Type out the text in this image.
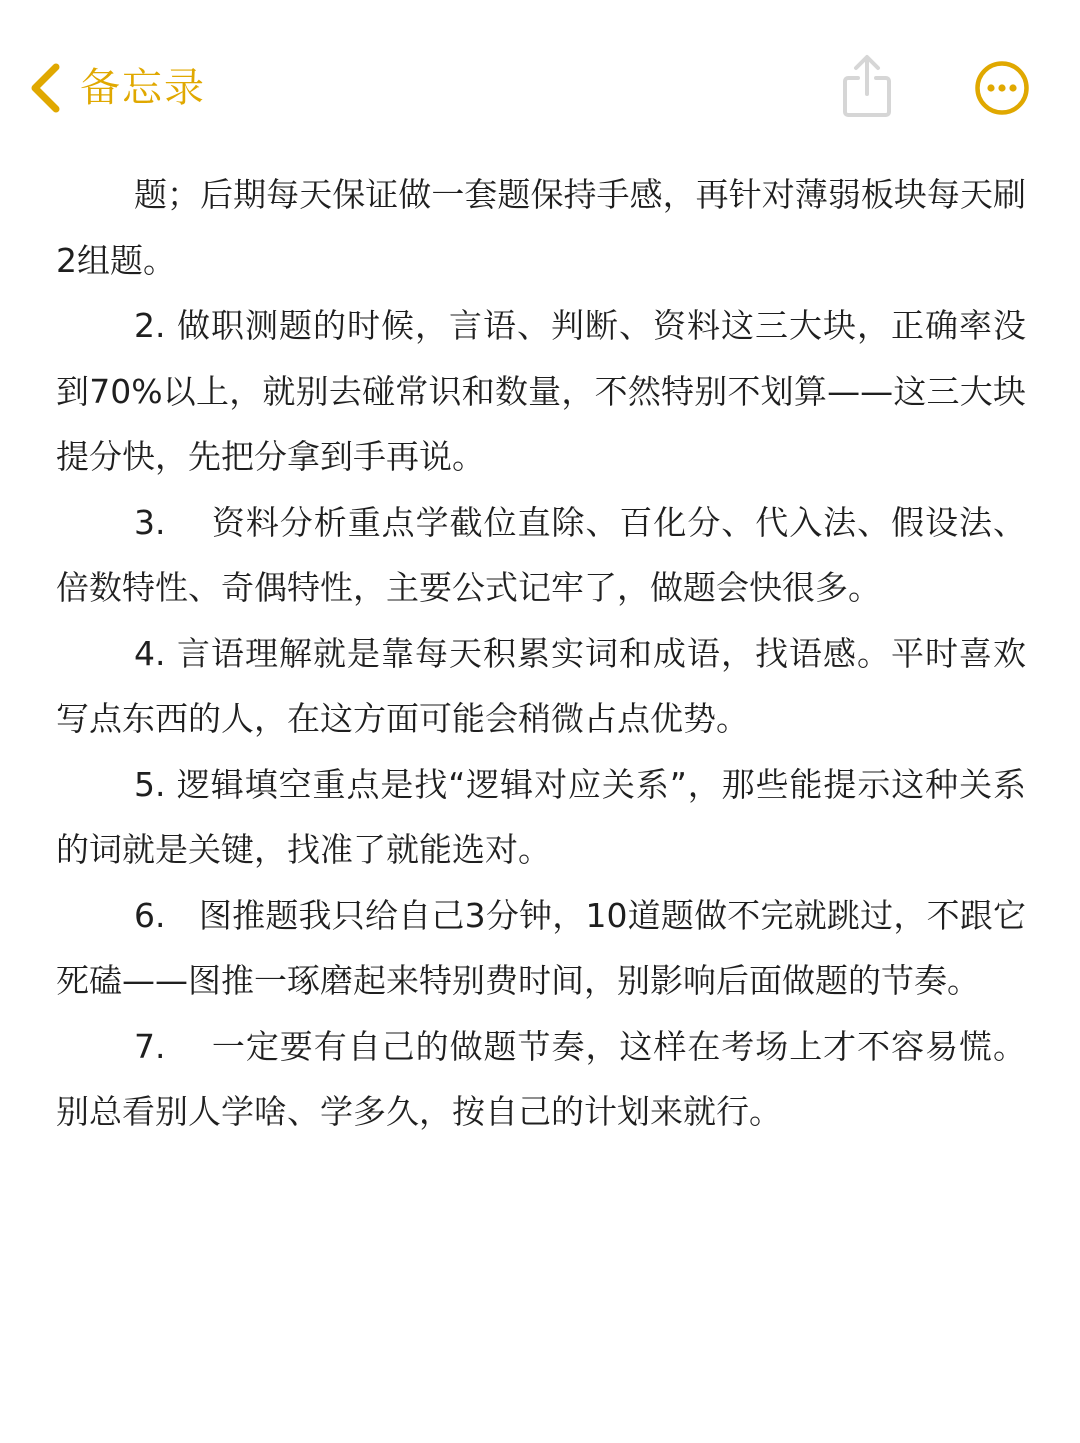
备忘录

题；后期每天保证做一套题保持手感，再针对薄弱板块每天刷2组题。

2. 做职测题的时候，言语、判断、资料这三大块，正确率没到70%以上，就别去碰常识和数量，不然特别不划算——这三大块提分快，先把分拿到手再说。

3.　 资料分析重点学截位直除、百化分、代入法、假设法、倍数特性、奇偶特性，主要公式记牢了，做题会快很多。

4. 言语理解就是靠每天积累实词和成语，找语感。平时喜欢写点东西的人，在这方面可能会稍微占点优势。

5. 逻辑填空重点是找“逻辑对应关系”，那些能提示这种关系的词就是关键，找准了就能选对。

6.　图推题我只给自己3分钟，10道题做不完就跳过，不跟它死磕——图推一琢磨起来特别费时间，别影响后面做题的节奏。

7.　 一定要有自己的做题节奏，这样在考场上才不容易慌。别总看别人学啥、学多久，按自己的计划来就行。
